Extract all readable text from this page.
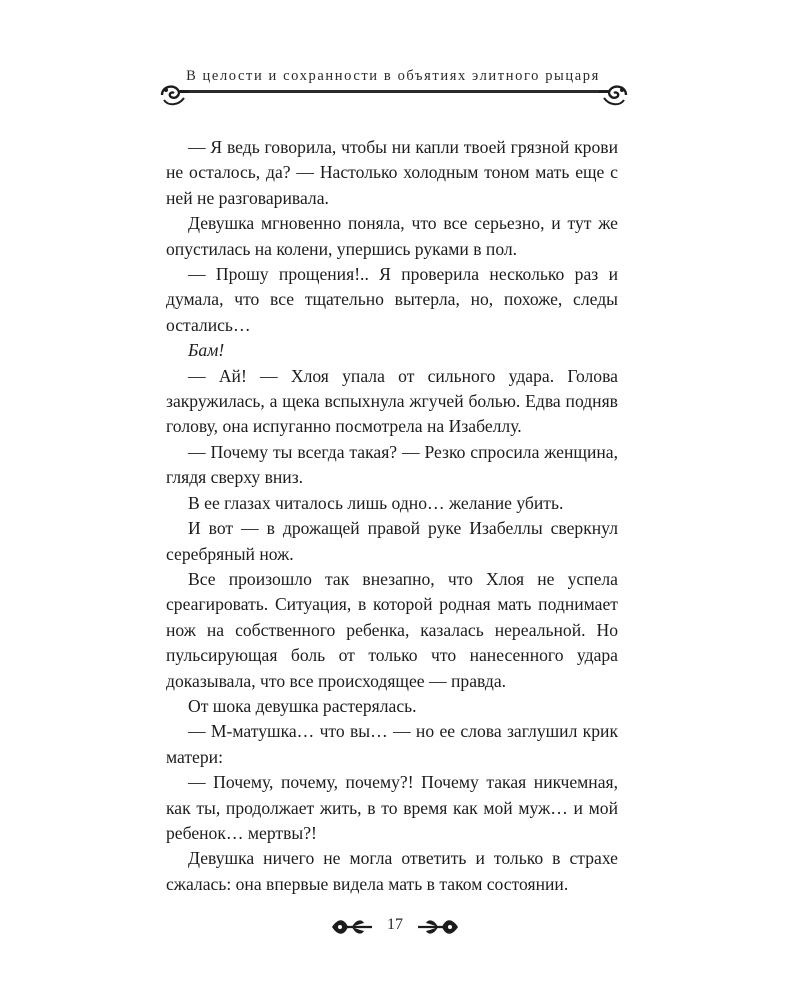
В целости и сохранности в объятиях элитного рыцаря

— Я ведь говорила, чтобы ни капли твоей грязной крови не осталось, да? — Настолько холодным тоном мать еще с ней не разговаривала.

Девушка мгновенно поняла, что все серьезно, и тут же опустилась на колени, упершись руками в пол.

— Прошу прощения!.. Я проверила несколько раз и думала, что все тщательно вытерла, но, похоже, следы остались…

Бам!

— Ай! — Хлоя упала от сильного удара. Голова закружилась, а щека вспыхнула жгучей болью. Едва подняв голову, она испуганно посмотрела на Изабеллу.

— Почему ты всегда такая? — Резко спросила женщина, глядя сверху вниз.

В ее глазах читалось лишь одно… желание убить.

И вот — в дрожащей правой руке Изабеллы сверкнул серебряный нож.

Все произошло так внезапно, что Хлоя не успела среагировать. Ситуация, в которой родная мать поднимает нож на собственного ребенка, казалась нереальной. Но пульсирующая боль от только что нанесенного удара доказывала, что все происходящее — правда.

От шока девушка растерялась.

— М-матушка… что вы… — но ее слова заглушил крик матери:

— Почему, почему, почему?! Почему такая никчемная, как ты, продолжает жить, в то время как мой муж… и мой ребенок… мертвы?!

Девушка ничего не могла ответить и только в страхе сжалась: она впервые видела мать в таком состоянии.

17
